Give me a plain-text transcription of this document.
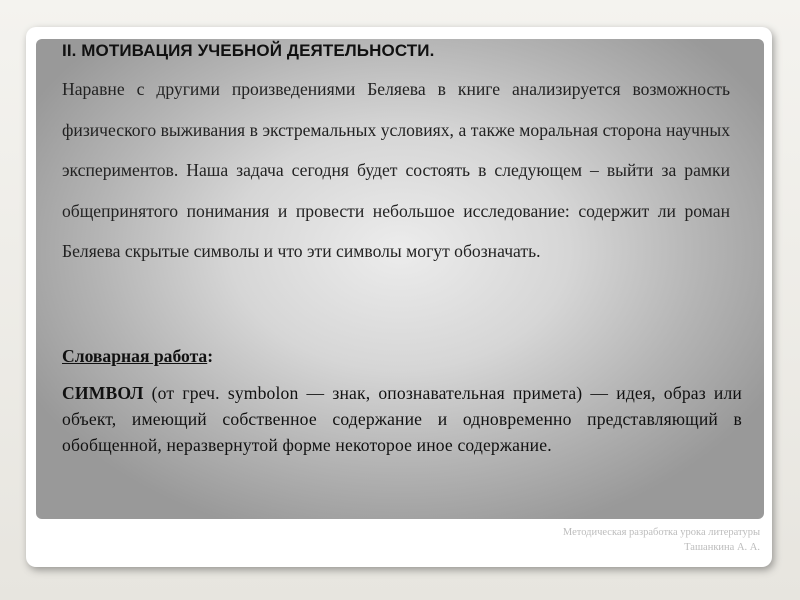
II. МОТИВАЦИЯ УЧЕБНОЙ ДЕЯТЕЛЬНОСТИ.
Наравне с другими произведениями Беляева в книге анализируется возможность физического выживания в экстремальных условиях, а также моральная сторона научных экспериментов. Наша задача сегодня будет состоять в следующем – выйти за рамки общепринятого понимания и провести небольшое исследование: содержит ли роман Беляева скрытые символы и что эти символы могут обозначать.
Словарная работа:
СИМВОЛ (от греч. symbolon — знак, опознавательная примета) — идея, образ или объект, имеющий собственное содержание и одновременно представляющий в обобщенной, неразвернутой форме некоторое иное содержание.
Методическая разработка урока литературы
Ташанкина А. А.
